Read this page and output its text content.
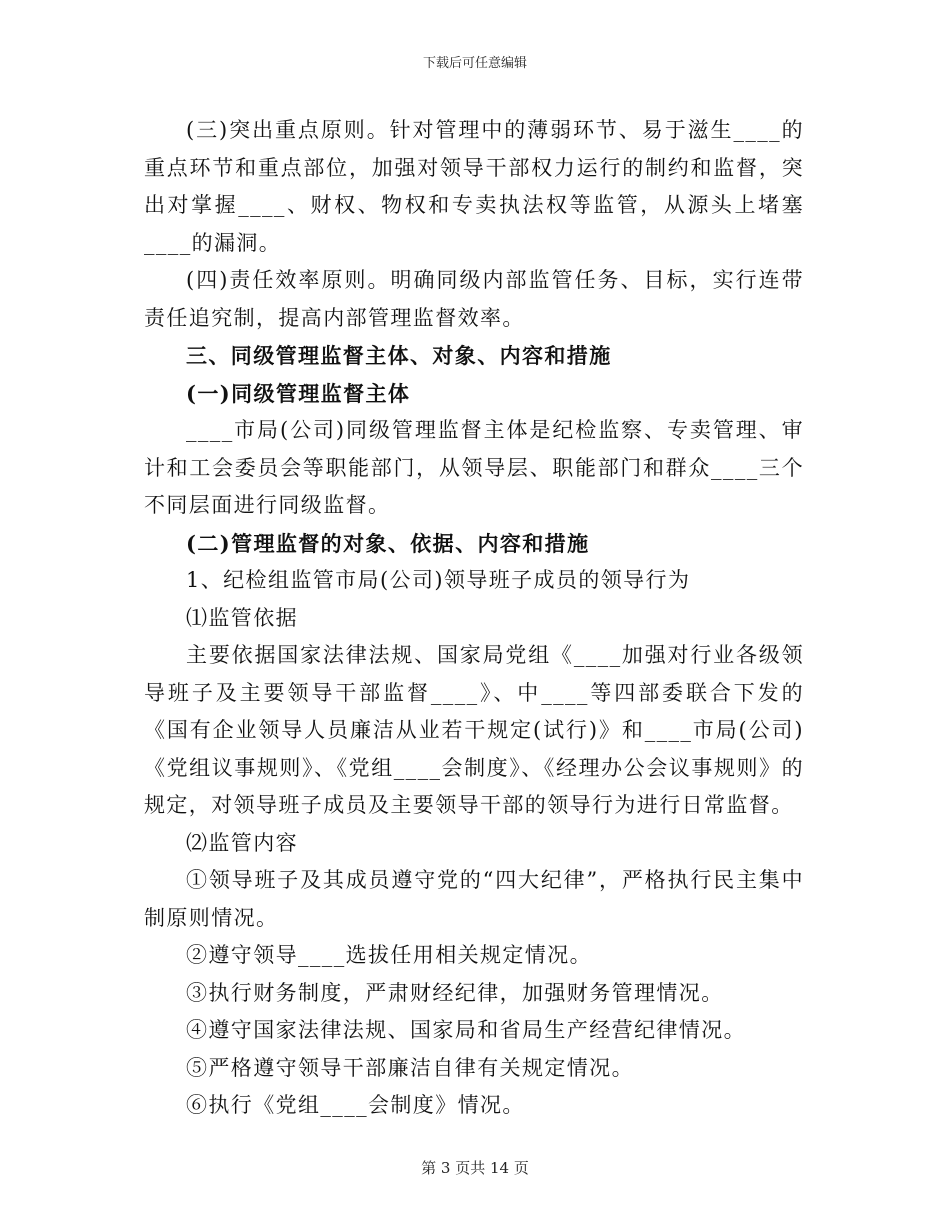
下载后可任意编辑

(三)突出重点原则。针对管理中的薄弱环节、易于滋生____的重点环节和重点部位，加强对领导干部权力运行的制约和监督，突出对掌握____、财权、物权和专卖执法权等监管，从源头上堵塞____的漏洞。

(四)责任效率原则。明确同级内部监管任务、目标，实行连带责任追究制，提高内部管理监督效率。

三、同级管理监督主体、对象、内容和措施

(一)同级管理监督主体

____市局(公司)同级管理监督主体是纪检监察、专卖管理、审计和工会委员会等职能部门，从领导层、职能部门和群众____三个不同层面进行同级监督。

(二)管理监督的对象、依据、内容和措施

1、纪检组监管市局(公司)领导班子成员的领导行为

⑴监管依据

主要依据国家法律法规、国家局党组《____加强对行业各级领导班子及主要领导干部监督____》、中____等四部委联合下发的《国有企业领导人员廉洁从业若干规定(试行)》和____市局(公司)《党组议事规则》、《党组____会制度》、《经理办公会议事规则》的规定，对领导班子成员及主要领导干部的领导行为进行日常监督。

⑵监管内容

①领导班子及其成员遵守党的“四大纪律”，严格执行民主集中制原则情况。

②遵守领导____选拔任用相关规定情况。

③执行财务制度，严肃财经纪律，加强财务管理情况。

④遵守国家法律法规、国家局和省局生产经营纪律情况。

⑤严格遵守领导干部廉洁自律有关规定情况。

⑥执行《党组____会制度》情况。

第 3 页共 14 页
